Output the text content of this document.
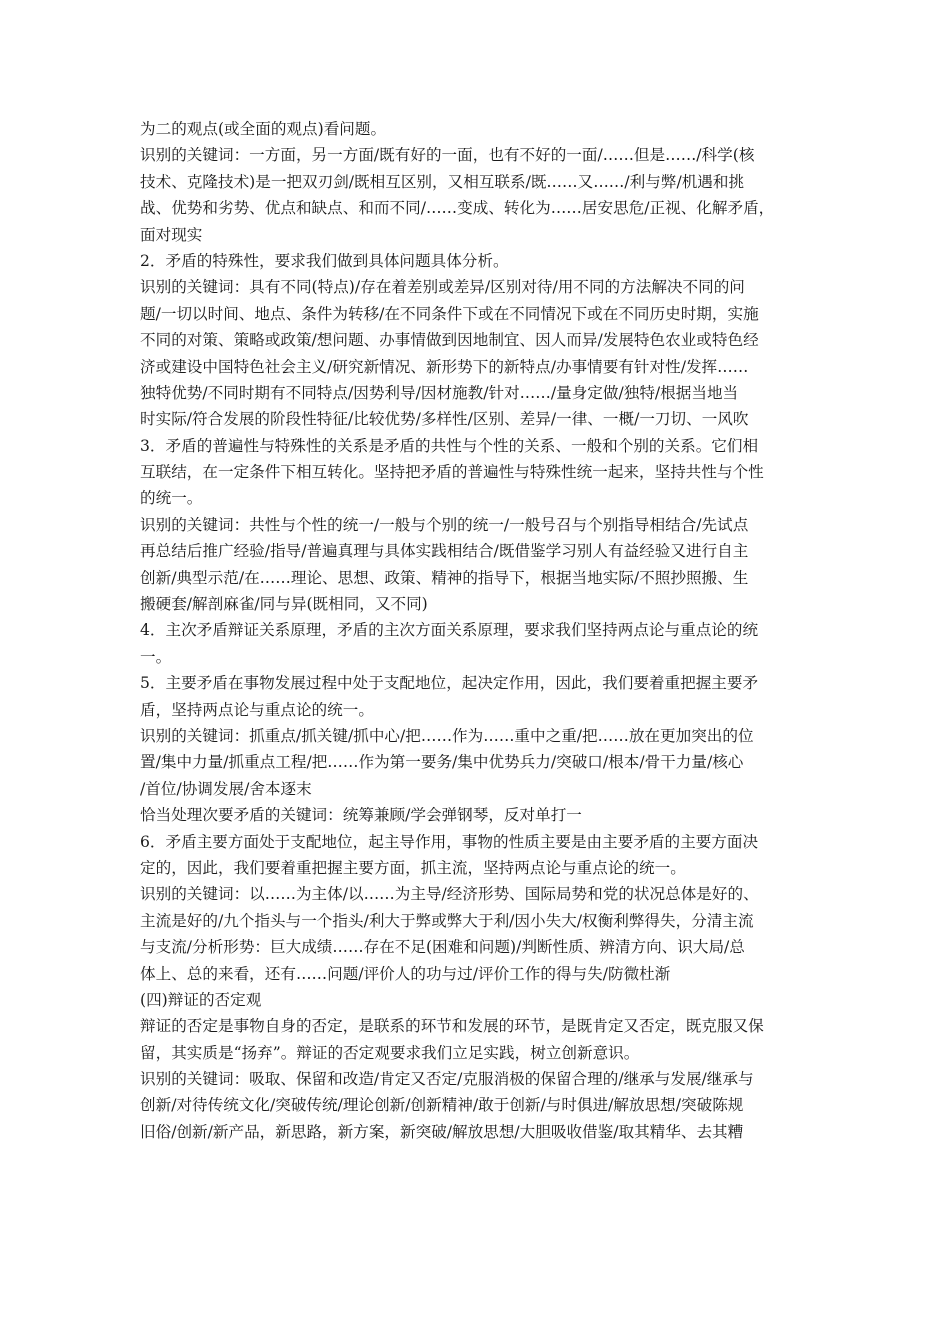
为二的观点(或全面的观点)看问题。

识别的关键词：一方面，另一方面/既有好的一面，也有不好的一面/……但是……/科学(核

技术、克隆技术)是一把双刃剑/既相互区别，又相互联系/既……又……/利与弊/机遇和挑

战、优势和劣势、优点和缺点、和而不同/……变成、转化为……居安思危/正视、化解矛盾，

面对现实

2．矛盾的特殊性，要求我们做到具体问题具体分析。

识别的关键词：具有不同(特点)/存在着差别或差异/区别对待/用不同的方法解决不同的问

题/一切以时间、地点、条件为转移/在不同条件下或在不同情况下或在不同历史时期，实施

不同的对策、策略或政策/想问题、办事情做到因地制宜、因人而异/发展特色农业或特色经

济或建设中国特色社会主义/研究新情况、新形势下的新特点/办事情要有针对性/发挥……

独特优势/不同时期有不同特点/因势利导/因材施教/针对……/量身定做/独特/根据当地当

时实际/符合发展的阶段性特征/比较优势/多样性/区别、差异/一律、一概/一刀切、一风吹

3．矛盾的普遍性与特殊性的关系是矛盾的共性与个性的关系、一般和个别的关系。它们相

互联结，在一定条件下相互转化。坚持把矛盾的普遍性与特殊性统一起来，坚持共性与个性

的统一。

识别的关键词：共性与个性的统一/一般与个别的统一/一般号召与个别指导相结合/先试点

再总结后推广经验/指导/普遍真理与具体实践相结合/既借鉴学习别人有益经验又进行自主

创新/典型示范/在……理论、思想、政策、精神的指导下，根据当地实际/不照抄照搬、生

搬硬套/解剖麻雀/同与异(既相同，又不同)

4．主次矛盾辩证关系原理，矛盾的主次方面关系原理，要求我们坚持两点论与重点论的统

一。

5．主要矛盾在事物发展过程中处于支配地位，起决定作用，因此，我们要着重把握主要矛

盾，坚持两点论与重点论的统一。

识别的关键词：抓重点/抓关键/抓中心/把……作为……重中之重/把……放在更加突出的位

置/集中力量/抓重点工程/把……作为第一要务/集中优势兵力/突破口/根本/骨干力量/核心

/首位/协调发展/舍本逐末

恰当处理次要矛盾的关键词：统筹兼顾/学会弹钢琴，反对单打一

6．矛盾主要方面处于支配地位，起主导作用，事物的性质主要是由主要矛盾的主要方面决

定的，因此，我们要着重把握主要方面，抓主流，坚持两点论与重点论的统一。

识别的关键词：以……为主体/以……为主导/经济形势、国际局势和党的状况总体是好的、

主流是好的/九个指头与一个指头/利大于弊或弊大于利/因小失大/权衡利弊得失，分清主流

与支流/分析形势：巨大成绩……存在不足(困难和问题)/判断性质、辨清方向、识大局/总

体上、总的来看，还有……问题/评价人的功与过/评价工作的得与失/防微杜渐

(四)辩证的否定观

辩证的否定是事物自身的否定，是联系的环节和发展的环节，是既肯定又否定，既克服又保

留，其实质是“扬弃”。辩证的否定观要求我们立足实践，树立创新意识。

识别的关键词：吸取、保留和改造/肯定又否定/克服消极的保留合理的/继承与发展/继承与

创新/对待传统文化/突破传统/理论创新/创新精神/敢于创新/与时俱进/解放思想/突破陈规

旧俗/创新/新产品，新思路，新方案，新突破/解放思想/大胆吸收借鉴/取其精华、去其糟
